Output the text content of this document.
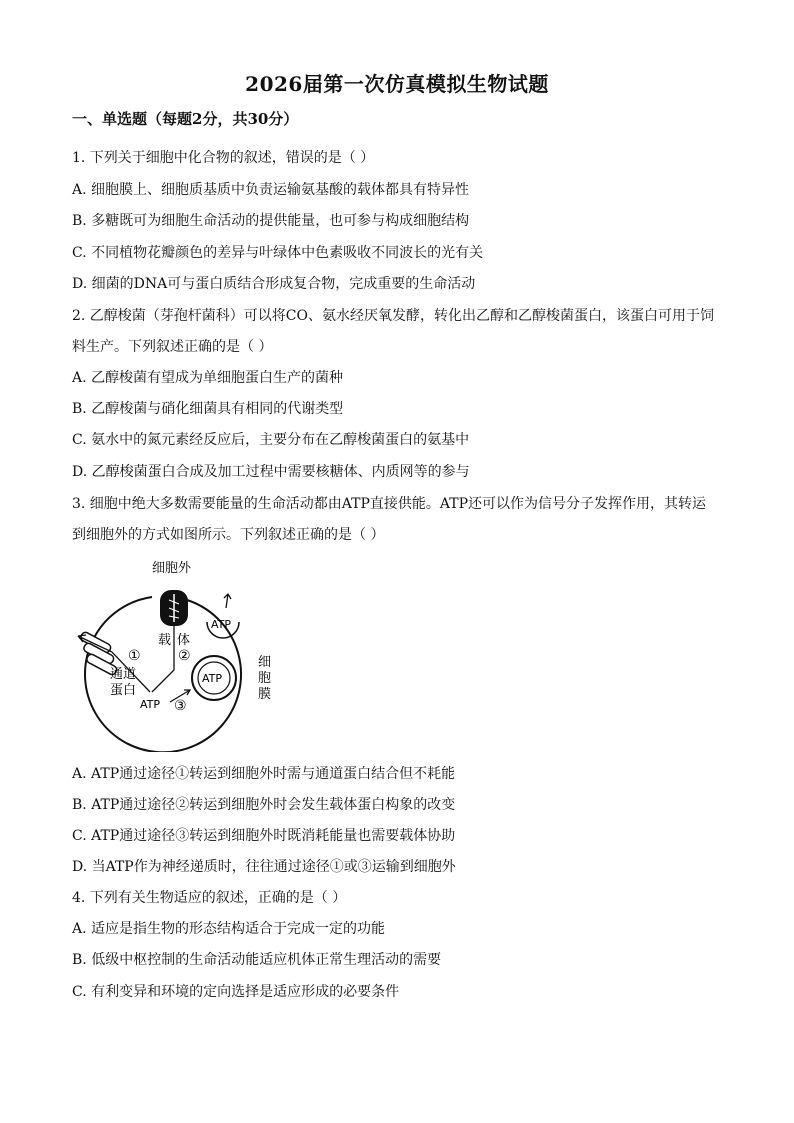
2026届第一次仿真模拟生物试题
一、单选题（每题2分，共30分）
1. 下列关于细胞中化合物的叙述，错误的是（ ）
A. 细胞膜上、细胞质基质中负责运输氨基酸的载体都具有特异性
B. 多糖既可为细胞生命活动的提供能量，也可参与构成细胞结构
C. 不同植物花瓣颜色的差异与叶绿体中色素吸收不同波长的光有关
D. 细菌的DNA可与蛋白质结合形成复合物，完成重要的生命活动
2. 乙醇梭菌（芽孢杆菌科）可以将CO、氨水经厌氧发酵，转化出乙醇和乙醇梭菌蛋白，该蛋白可用于饲
料生产。下列叙述正确的是（ ）
A. 乙醇梭菌有望成为单细胞蛋白生产的菌种
B. 乙醇梭菌与硝化细菌具有相同的代谢类型
C. 氨水中的氮元素经反应后，主要分布在乙醇梭菌蛋白的氨基中
D. 乙醇梭菌蛋白合成及加工过程中需要核糖体、内质网等的参与
3. 细胞中绝大多数需要能量的生命活动都由ATP直接供能。ATP还可以作为信号分子发挥作用，其转运
到细胞外的方式如图所示。下列叙述正确的是（ ）
细胞外
载 体
②
①
通道
蛋白
ATP
ATP
ATP ③
细
胞
膜
A. ATP通过途径①转运到细胞外时需与通道蛋白结合但不耗能
B. ATP通过途径②转运到细胞外时会发生载体蛋白构象的改变
C. ATP通过途径③转运到细胞外时既消耗能量也需要载体协助
D. 当ATP作为神经递质时，往往通过途径①或③运输到细胞外
4. 下列有关生物适应的叙述，正确的是（ ）
A. 适应是指生物的形态结构适合于完成一定的功能
B. 低级中枢控制的生命活动能适应机体正常生理活动的需要
C. 有利变异和环境的定向选择是适应形成的必要条件
